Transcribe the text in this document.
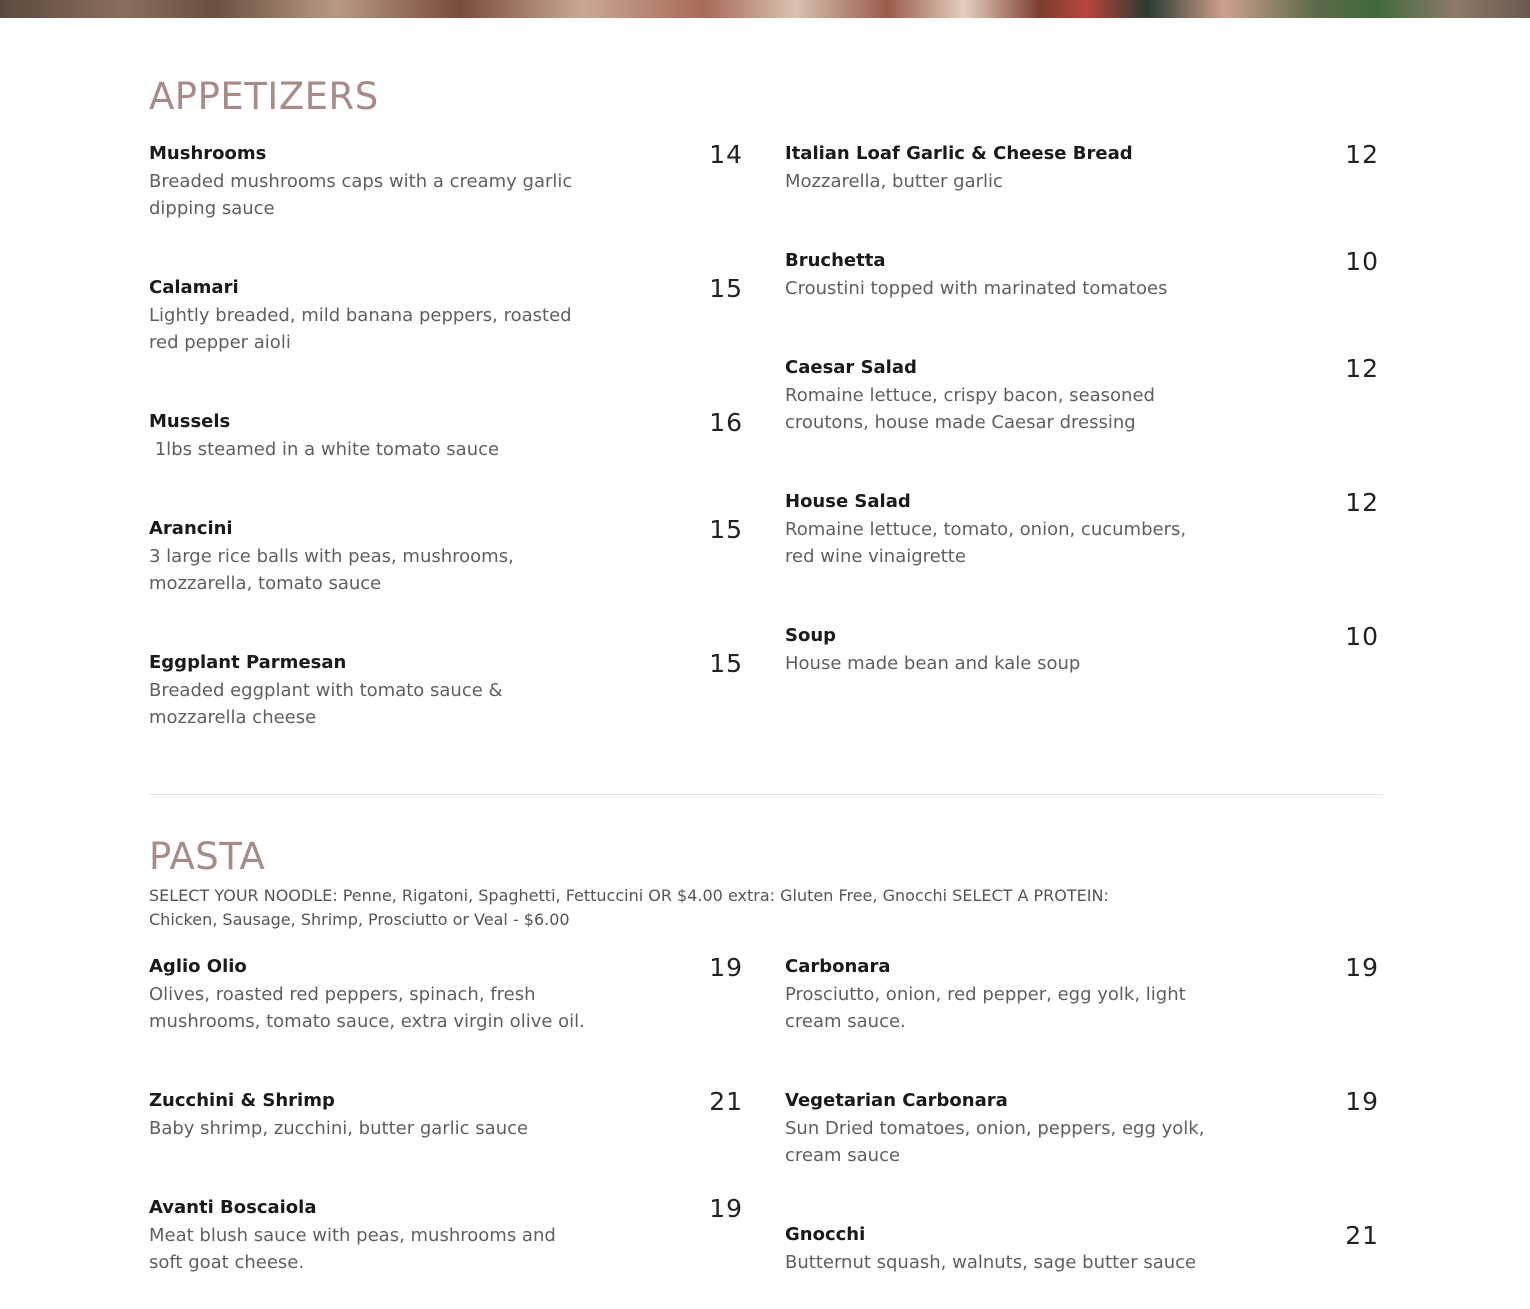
APPETIZERS
Mushrooms	14
Breaded mushrooms caps with a creamy garlic dipping sauce
Calamari	15
Lightly breaded, mild banana peppers, roasted red pepper aioli
Mussels	16
1lbs steamed in a white tomato sauce
Arancini	15
3 large rice balls with peas, mushrooms, mozzarella, tomato sauce
Eggplant Parmesan	15
Breaded eggplant with tomato sauce & mozzarella cheese
Italian Loaf Garlic & Cheese Bread	12
Mozzarella, butter garlic
Bruchetta	10
Croustini topped with marinated tomatoes
Caesar Salad	12
Romaine lettuce, crispy bacon, seasoned croutons, house made Caesar dressing
House Salad	12
Romaine lettuce, tomato, onion, cucumbers, red wine vinaigrette
Soup	10
House made bean and kale soup
PASTA

SELECT YOUR NOODLE: Penne, Rigatoni, Spaghetti, Fettuccini OR $4.00 extra: Gluten Free, Gnocchi SELECT A PROTEIN: Chicken, Sausage, Shrimp, Prosciutto or Veal - $6.00

Aglio Olio	19
Olives, roasted red peppers, spinach, fresh mushrooms, tomato sauce, extra virgin olive oil.
Zucchini & Shrimp	21
Baby shrimp, zucchini, butter garlic sauce
Avanti Boscaiola	19
Meat blush sauce with peas, mushrooms and soft goat cheese.
Carbonara	19
Prosciutto, onion, red pepper, egg yolk, light cream sauce.
Vegetarian Carbonara	19
Sun Dried tomatoes, onion, peppers, egg yolk, cream sauce
Gnocchi	21
Butternut squash, walnuts, sage butter sauce
